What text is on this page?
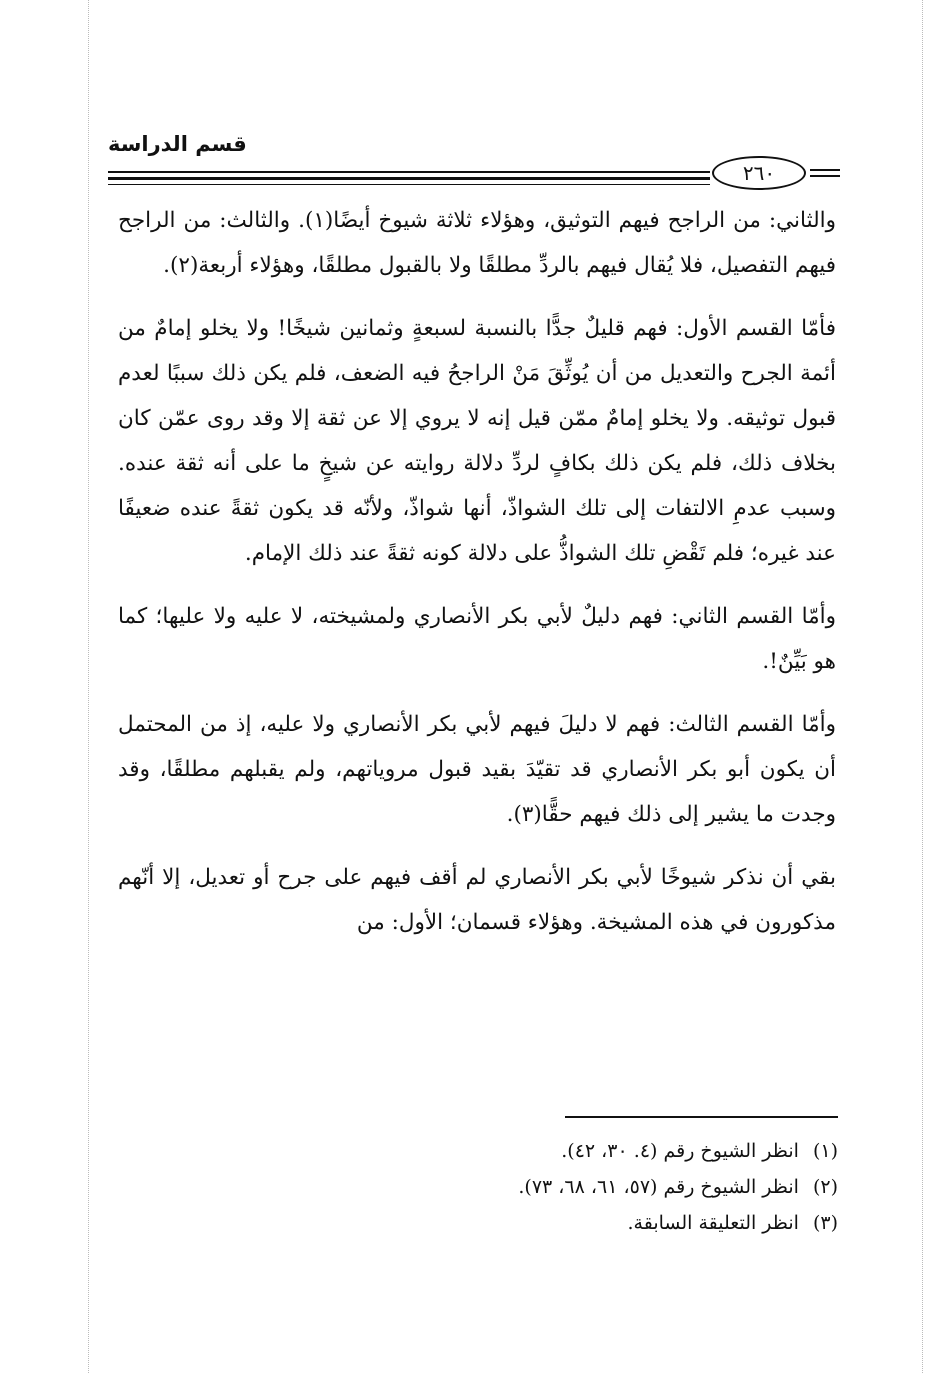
قسم الدراسة
٢٦٠

والثاني: من الراجح فيهم التوثيق، وهؤلاء ثلاثة شيوخ أيضًا(١). والثالث: من الراجح فيهم التفصيل، فلا يُقال فيهم بالردِّ مطلقًا ولا بالقبول مطلقًا، وهؤلاء أربعة(٢).

فأمّا القسم الأول: فهم قليلٌ جدًّا بالنسبة لسبعةٍ وثمانين شيخًا! ولا يخلو إمامٌ من أئمة الجرح والتعديل من أن يُوثِّقَ مَنْ الراجحُ فيه الضعف، فلم يكن ذلك سببًا لعدم قبول توثيقه. ولا يخلو إمامٌ ممّن قيل إنه لا يروي إلا عن ثقة إلا وقد روى عمّن كان بخلاف ذلك، فلم يكن ذلك بكافٍ لردِّ دلالة روايته عن شيخٍ ما على أنه ثقة عنده. وسبب عدمِ الالتفات إلى تلك الشواذّ، أنها شواذّ، ولأنّه قد يكون ثقةً عنده ضعيفًا عند غيره؛ فلم تَقْضِ تلك الشواذُّ على دلالة كونه ثقةً عند ذلك الإمام.

وأمّا القسم الثاني: فهم دليلٌ لأبي بكر الأنصاري ولمشيخته، لا عليه ولا عليها؛ كما هو بَيِّنٌ!.

وأمّا القسم الثالث: فهم لا دليلَ فيهم لأبي بكر الأنصاري ولا عليه، إذ من المحتمل أن يكون أبو بكر الأنصاري قد تقيّدَ بقيد قبول مروياتهم، ولم يقبلهم مطلقًا، وقد وجدت ما يشير إلى ذلك فيهم حقًّا(٣).

بقي أن نذكر شيوخًا لأبي بكر الأنصاري لم أقف فيهم على جرح أو تعديل، إلا أنّهم مذكورون في هذه المشيخة. وهؤلاء قسمان؛ الأول: من

(١)انظر الشيوخ رقم (٤. ٣٠، ٤٢).
(٢)انظر الشيوخ رقم (٥٧، ٦١، ٦٨، ٧٣).
(٣)انظر التعليقة السابقة.
